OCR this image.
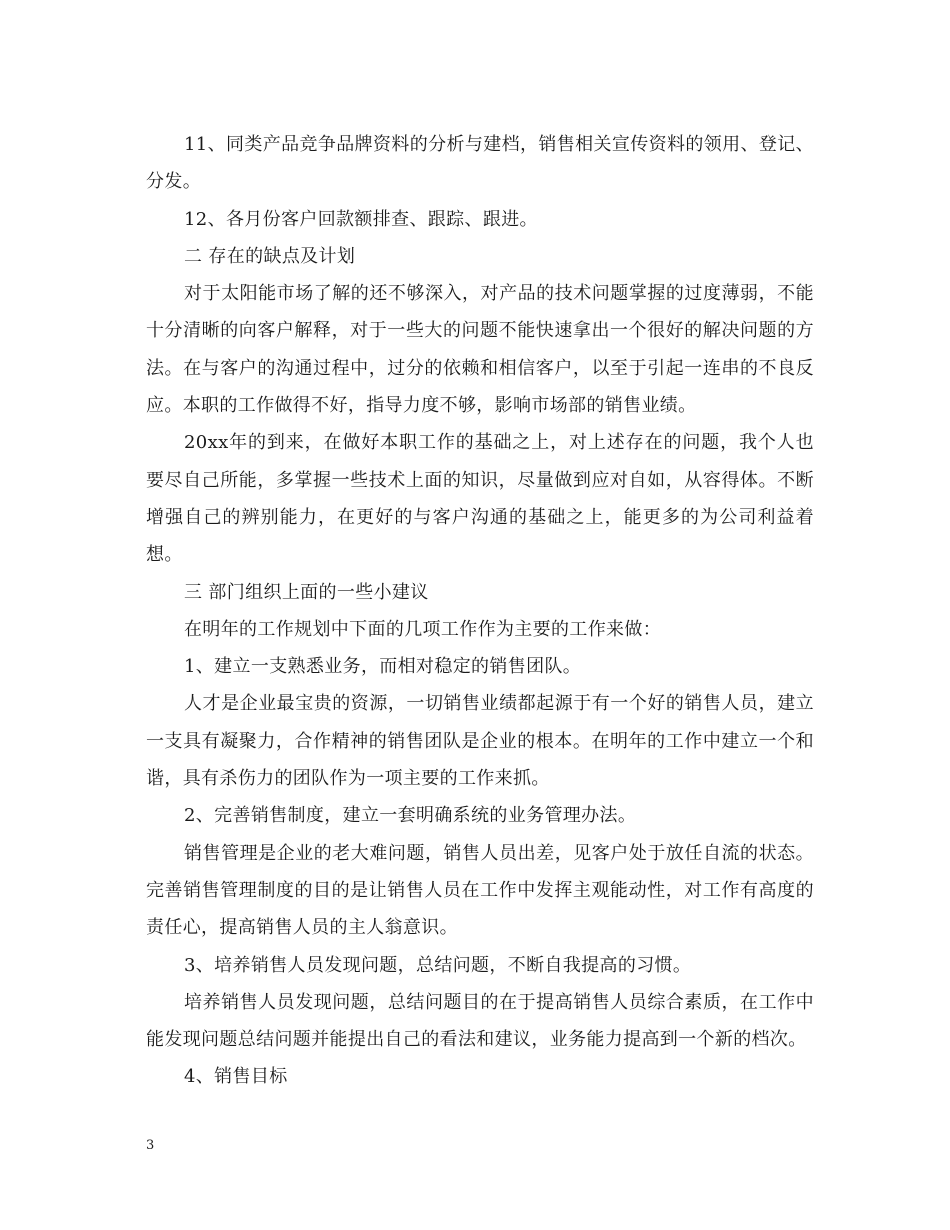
11、同类产品竞争品牌资料的分析与建档，销售相关宣传资料的领用、登记、分发。

12、各月份客户回款额排查、跟踪、跟进。

二 存在的缺点及计划

对于太阳能市场了解的还不够深入，对产品的技术问题掌握的过度薄弱，不能十分清晰的向客户解释，对于一些大的问题不能快速拿出一个很好的解决问题的方法。在与客户的沟通过程中，过分的依赖和相信客户，以至于引起一连串的不良反应。本职的工作做得不好，指导力度不够，影响市场部的销售业绩。

20xx年的到来，在做好本职工作的基础之上，对上述存在的问题，我个人也要尽自己所能，多掌握一些技术上面的知识，尽量做到应对自如，从容得体。不断增强自己的辨别能力，在更好的与客户沟通的基础之上，能更多的为公司利益着想。

三 部门组织上面的一些小建议

在明年的工作规划中下面的几项工作作为主要的工作来做：

1、建立一支熟悉业务，而相对稳定的销售团队。

人才是企业最宝贵的资源，一切销售业绩都起源于有一个好的销售人员，建立一支具有凝聚力，合作精神的销售团队是企业的根本。在明年的工作中建立一个和谐，具有杀伤力的团队作为一项主要的工作来抓。

2、完善销售制度，建立一套明确系统的业务管理办法。

销售管理是企业的老大难问题，销售人员出差，见客户处于放任自流的状态。完善销售管理制度的目的是让销售人员在工作中发挥主观能动性，对工作有高度的责任心，提高销售人员的主人翁意识。

3、培养销售人员发现问题，总结问题，不断自我提高的习惯。

培养销售人员发现问题，总结问题目的在于提高销售人员综合素质，在工作中能发现问题总结问题并能提出自己的看法和建议，业务能力提高到一个新的档次。

4、销售目标

3
